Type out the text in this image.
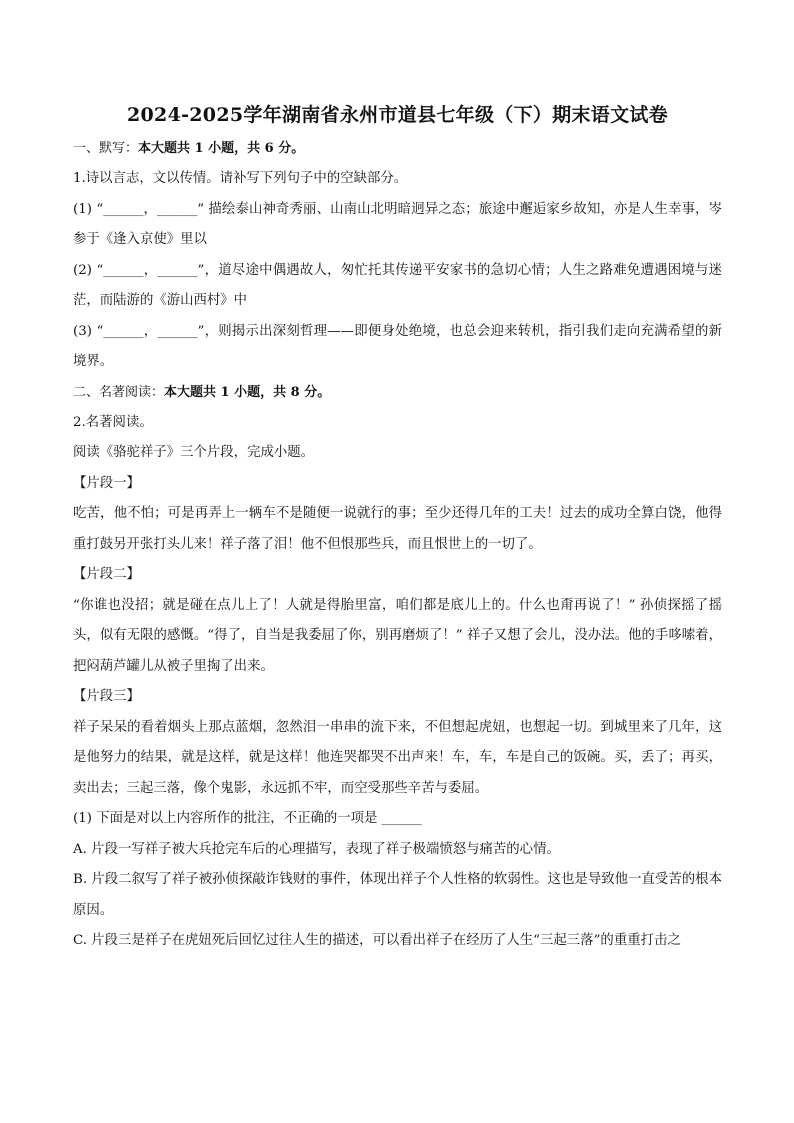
2024-2025学年湖南省永州市道县七年级（下）期末语文试卷
一、默写：本大题共 1 小题，共 6 分。

1.诗以言志，文以传情。请补写下列句子中的空缺部分。

(1) “______，______” 描绘泰山神奇秀丽、山南山北明暗迥异之态；旅途中邂逅家乡故知，亦是人生幸事，岑参于《逢入京使》里以

(2) “______，______”，道尽途中偶遇故人，匆忙托其传递平安家书的急切心情；人生之路难免遭遇困境与迷茫，而陆游的《游山西村》中

(3) “______，______”，则揭示出深刻哲理——即便身处绝境，也总会迎来转机，指引我们走向充满希望的新境界。

二、名著阅读：本大题共 1 小题，共 8 分。

2.名著阅读。

阅读《骆驼祥子》三个片段，完成小题。

【片段一】

吃苦，他不怕；可是再弄上一辆车不是随便一说就行的事；至少还得几年的工夫！过去的成功全算白饶，他得重打鼓另开张打头儿来！祥子落了泪！他不但恨那些兵，而且恨世上的一切了。

【片段二】

“你谁也没招；就是碰在点儿上了！人就是得胎里富，咱们都是底儿上的。什么也甭再说了！” 孙侦探摇了摇头，似有无限的感慨。“得了，自当是我委屈了你，别再磨烦了！” 祥子又想了会儿，没办法。他的手哆嗦着，把闷葫芦罐儿从被子里掏了出来。

【片段三】

祥子呆呆的看着烟头上那点蓝烟，忽然泪一串串的流下来，不但想起虎妞，也想起一切。到城里来了几年，这是他努力的结果，就是这样，就是这样！他连哭都哭不出声来！车，车，车是自己的饭碗。买，丢了；再买，卖出去；三起三落，像个鬼影，永远抓不牢，而空受那些辛苦与委屈。

(1) 下面是对以上内容所作的批注，不正确的一项是 ______

A. 片段一写祥子被大兵抢完车后的心理描写，表现了祥子极端愤怒与痛苦的心情。

B. 片段二叙写了祥子被孙侦探敲诈钱财的事件，体现出祥子个人性格的软弱性。这也是导致他一直受苦的根本原因。

C. 片段三是祥子在虎妞死后回忆过往人生的描述，可以看出祥子在经历了人生“三起三落”的重重打击之
